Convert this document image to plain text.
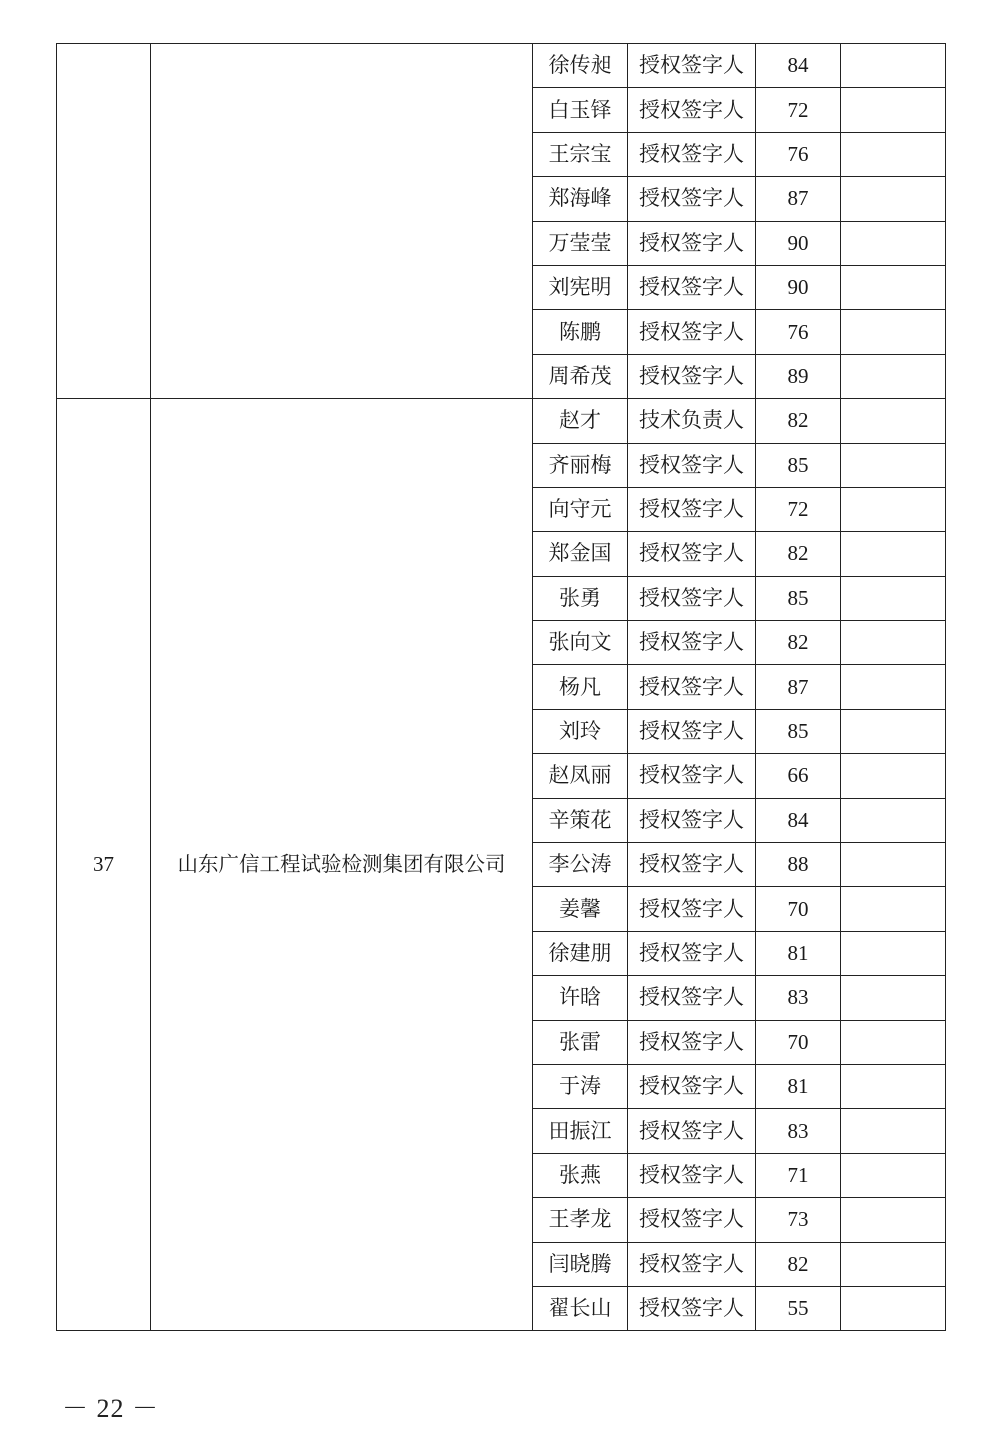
		徐传昶	授权签字人	84	
		白玉铎	授权签字人	72	
		王宗宝	授权签字人	76	
		郑海峰	授权签字人	87	
		万莹莹	授权签字人	90	
		刘宪明	授权签字人	90	
		陈鹏	授权签字人	76	
		周希茂	授权签字人	89	
37	山东广信工程试验检测集团有限公司	赵才	技术负责人	82	
		齐丽梅	授权签字人	85	
		向守元	授权签字人	72	
		郑金国	授权签字人	82	
		张勇	授权签字人	85	
		张向文	授权签字人	82	
		杨凡	授权签字人	87	
		刘玲	授权签字人	85	
		赵凤丽	授权签字人	66	
		辛策花	授权签字人	84	
		李公涛	授权签字人	88	
		姜馨	授权签字人	70	
		徐建朋	授权签字人	81	
		许晗	授权签字人	83	
		张雷	授权签字人	70	
		于涛	授权签字人	81	
		田振江	授权签字人	83	
		张燕	授权签字人	71	
		王孝龙	授权签字人	73	
		闫晓腾	授权签字人	82	
		翟长山	授权签字人	55	
－ 22 －
